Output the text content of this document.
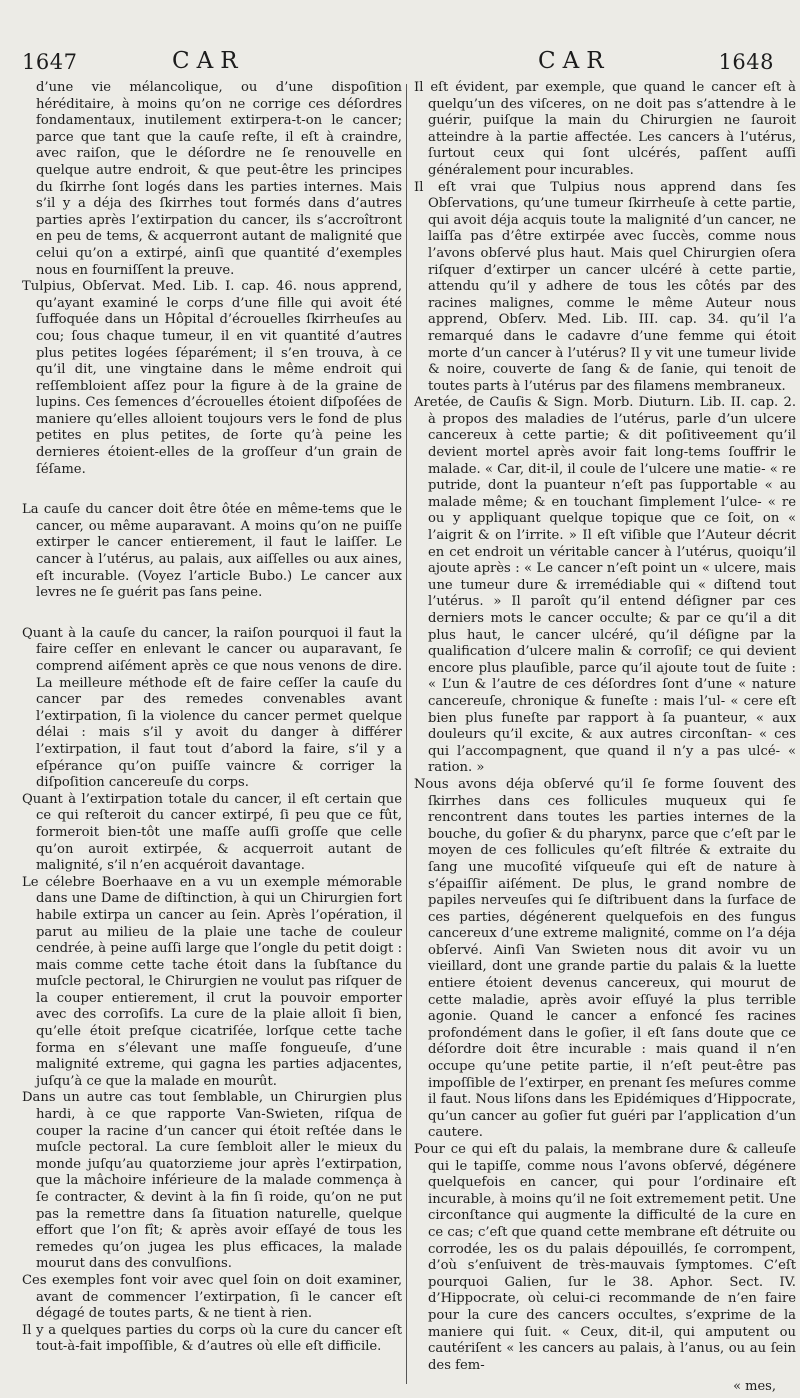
1647	CAR	CAR	1648

d’une vie mélancolique, ou d’une dispoſition héréditaire, à moins qu’on ne corrige ces déſordres fondamentaux, inutilement extirpera-t-on le cancer; parce que tant que la cauſe reſte, il eſt à craindre, avec raiſon, que le déſordre ne ſe renouvelle en quelque autre endroit, & que peut-être les principes du ſkirrhe ſont logés dans les parties internes. Mais s’il y a déja des ſkirrhes tout formés dans d’autres parties après l’extirpation du cancer, ils s’accroîtront en peu de tems, & acquerront autant de malignité que celui qu’on a extirpé, ainſi que quantité d’exemples nous en fourniſſent la preuve.

Tulpius, Obſervat. Med. Lib. I. cap. 46. nous apprend, qu’ayant examiné le corps d’une fille qui avoit été ſuffoquée dans un Hôpital d’écrouelles ſkirrheuſes au cou; ſous chaque tumeur, il en vit quantité d’autres plus petites logées ſéparément; il s’en trouva, à ce qu’il dit, une vingtaine dans le même endroit qui reſſembloient aſſez pour la figure à de la graine de lupins. Ces ſemences d’écrouelles étoient diſpoſées de maniere qu’elles alloient toujours vers le fond de plus petites en plus petites, de ſorte qu’à peine les dernieres étoient-elles de la groſſeur d’un grain de ſéſame.

La cauſe du cancer doit être ôtée en même-tems que le cancer, ou même auparavant. A moins qu’on ne puiſſe extirper le cancer entierement, il faut le laiſſer. Le cancer à l’utérus, au palais, aux aiſſelles ou aux aines, eſt incurable. (Voyez l’article Bubo.) Le cancer aux levres ne ſe guérit pas ſans peine.

Quant à la cauſe du cancer, la raiſon pourquoi il faut la faire ceſſer en enlevant le cancer ou auparavant, ſe comprend aiſément après ce que nous venons de dire. La meilleure méthode eſt de faire ceſſer la cauſe du cancer par des remedes convenables avant l’extirpation, ſi la violence du cancer permet quelque délai : mais s’il y avoit du danger à différer l’extirpation, il faut tout d’abord la faire, s’il y a eſpérance qu’on puiſſe vaincre & corriger la diſpoſition cancereuſe du corps.

Quant à l’extirpation totale du cancer, il eſt certain que ce qui reſteroit du cancer extirpé, ſi peu que ce fût, formeroit bien-tôt une maſſe auſſi groſſe que celle qu’on auroit extirpée, & acquerroit autant de malignité, s’il n’en acquéroit davantage.

Le célebre Boerhaave en a vu un exemple mémorable dans une Dame de diſtinction, à qui un Chirurgien fort habile extirpa un cancer au ſein. Après l’opération, il parut au milieu de la plaie une tache de couleur cendrée, à peine auſſi large que l’ongle du petit doigt : mais comme cette tache étoit dans la ſubſtance du muſcle pectoral, le Chirurgien ne voulut pas riſquer de la couper entierement, il crut la pouvoir emporter avec des corroſifs. La cure de la plaie alloit ſi bien, qu’elle étoit preſque cicatriſée, lorſque cette tache forma en s’élevant une maſſe fongueuſe, d’une malignité extreme, qui gagna les parties adjacentes, juſqu’à ce que la malade en mourût.

Dans un autre cas tout ſemblable, un Chirurgien plus hardi, à ce que rapporte Van-Swieten, riſqua de couper la racine d’un cancer qui étoit reſtée dans le muſcle pectoral. La cure ſembloit aller le mieux du monde juſqu’au quatorzieme jour après l’extirpation, que la mâchoire inférieure de la malade commença à ſe contracter, & devint à la fin ſi roide, qu’on ne put pas la remettre dans ſa ſituation naturelle, quelque effort que l’on fît; & après avoir eſſayé de tous les remedes qu’on jugea les plus efficaces, la malade mourut dans des convulſions.

Ces exemples font voir avec quel ſoin on doit examiner, avant de commencer l’extirpation, ſi le cancer eſt dégagé de toutes parts, & ne tient à rien.

Il y a quelques parties du corps où la cure du cancer eſt tout-à-fait impoſſible, & d’autres où elle eſt difficile.

Il eſt évident, par exemple, que quand le cancer eſt à quelqu’un des viſceres, on ne doit pas s’attendre à le guérir, puiſque la main du Chirurgien ne ſauroit atteindre à la partie affectée. Les cancers à l’utérus, ſurtout ceux qui ſont ulcérés, paſſent auſſi généralement pour incurables.

Il eſt vrai que Tulpius nous apprend dans ſes Obſervations, qu’une tumeur ſkirrheuſe à cette partie, qui avoit déja acquis toute la malignité d’un cancer, ne laiſſa pas d’être extirpée avec ſuccès, comme nous l’avons obſervé plus haut. Mais quel Chirurgien oſera riſquer d’extirper un cancer ulcéré à cette partie, attendu qu’il y adhere de tous les côtés par des racines malignes, comme le même Auteur nous apprend, Obſerv. Med. Lib. III. cap. 34. qu’il l’a remarqué dans le cadavre d’une femme qui étoit morte d’un cancer à l’utérus? Il y vit une tumeur livide & noire, couverte de ſang & de ſanie, qui tenoit de toutes parts à l’utérus par des filamens membraneux.

Aretée, de Cauſis & Sign. Morb. Diuturn. Lib. II. cap. 2. à propos des maladies de l’utérus, parle d’un ulcere cancereux à cette partie; & dit poſitiveement qu’il devient mortel après avoir fait long-tems ſouffrir le malade. « Car, dit-il, il coule de l’ulcere une matie- « re putride, dont la puanteur n’eſt pas ſupportable « au malade même; & en touchant ſimplement l’ulce- « re ou y appliquant quelque topique que ce ſoit, on « l’aigrit & on l’irrite. » Il eſt viſible que l’Auteur décrit en cet endroit un véritable cancer à l’utérus, quoiqu’il ajoute après : « Le cancer n’eſt point un « ulcere, mais une tumeur dure & irremédiable qui « diſtend tout l’utérus. » Il paroît qu’il entend déſigner par ces derniers mots le cancer occulte; & par ce qu’il a dit plus haut, le cancer ulcéré, qu’il déſigne par la qualification d’ulcere malin & corroſif; ce qui devient encore plus plauſible, parce qu’il ajoute tout de ſuite : « L’un & l’autre de ces déſordres ſont d’une « nature cancereuſe, chronique & funeſte : mais l’ul- « cere eſt bien plus funeſte par rapport à ſa puanteur, « aux douleurs qu’il excite, & aux autres circonſtan- « ces qui l’accompagnent, que quand il n’y a pas ulcé- « ration. »

Nous avons déja obſervé qu’il ſe forme ſouvent des ſkirrhes dans ces follicules muqueux qui ſe rencontrent dans toutes les parties internes de la bouche, du goſier & du pharynx, parce que c’eſt par le moyen de ces follicules qu’eſt filtrée & extraite du ſang une mucoſité viſqueuſe qui eſt de nature à s’épaiſſir aiſément. De plus, le grand nombre de papiles nerveuſes qui ſe diſtribuent dans la ſurface de ces parties, dégénerent quelquefois en des fungus cancereux d’une extreme malignité, comme on l’a déja obſervé. Ainſi Van Swieten nous dit avoir vu un vieillard, dont une grande partie du palais & la luette entiere étoient devenus cancereux, qui mourut de cette maladie, après avoir eſſuyé la plus terrible agonie. Quand le cancer a enfoncé ſes racines profondément dans le goſier, il eſt ſans doute que ce déſordre doit être incurable : mais quand il n’en occupe qu’une petite partie, il n’eſt peut-être pas impoſſible de l’extirper, en prenant ſes meſures comme il faut. Nous liſons dans les Epidémiques d’Hippocrate, qu’un cancer au goſier fut guéri par l’application d’un cautere.

Pour ce qui eſt du palais, la membrane dure & calleuſe qui le tapiſſe, comme nous l’avons obſervé, dégénere quelquefois en cancer, qui pour l’ordinaire eſt incurable, à moins qu’il ne ſoit extremement petit. Une circonſtance qui augmente la difficulté de la cure en ce cas; c’eſt que quand cette membrane eſt détruite ou corrodée, les os du palais dépouillés, ſe corrompent, d’où s’enſuivent de très-mauvais ſymptomes. C’eſt pourquoi Galien, ſur le 38. Aphor. Sect. IV. d’Hippocrate, où celui-ci recommande de n’en faire pour la cure des cancers occultes, s’exprime de la maniere qui ſuit. « Ceux, dit-il, qui amputent ou cautériſent « les cancers au palais, à l’anus, ou au ſein des fem-

« mes,
